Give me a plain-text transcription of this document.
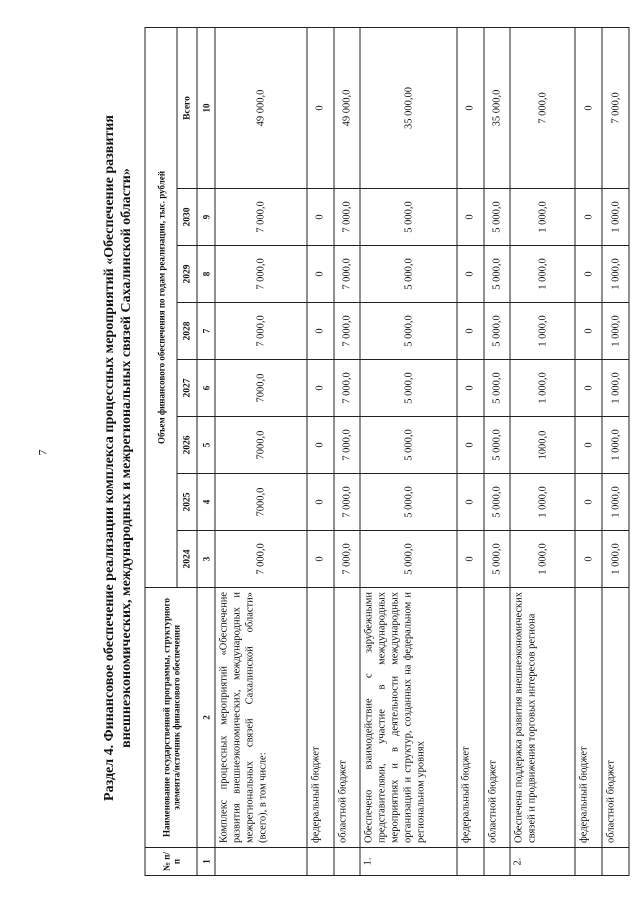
7	Раздел 4. Финансовое обеспечение реализации комплекса процессных мероприятий «Обеспечение развития внешнеэкономических, международных и межрегиональных связей Сахалинской области»
№ п/п	Наименование государственной программы, структурного элемента/источник финансового обеспечения	Объем финансового обеспечения по годам реализации, тыс. рублей							
		2024	2025	2026	2027	2028	2029	2030	Всего
1	2	3	4	5	6	7	8	9	10
	Комплекс процессных мероприятий «Обеспечение развития внешнеэкономических, международных и межрегиональных связей Сахалинской области» (всего), в том числе:	7 000,0	7000,0	7000,0	7000,0	7 000,0	7 000,0	7 000,0	49 000,0
	федеральный бюджет	0	0	0	0	0	0	0	0
	областной бюджет	7 000,0	7 000,0	7 000,0	7 000,0	7 000,0	7 000,0	7 000,0	49 000,0
1.	Обеспечено взаимодействие с зарубежными представителями, участие в международных мероприятиях и в деятельности международных организаций и структур, созданных на федеральном и региональном уровнях	5 000,0	5 000,0	5 000,0	5 000,0	5 000,0	5 000,0	5 000,0	35 000,00
	федеральный бюджет	0	0	0	0	0	0	0	0
	областной бюджет	5 000,0	5 000,0	5 000,0	5 000,0	5 000,0	5 000,0	5 000,0	35 000,0
2.	Обеспечена поддержка развития внешнеэкономических связей и продвижения торговых интересов региона	1 000,0	1 000,0	1000,0	1 000,0	1 000,0	1 000,0	1 000,0	7 000,0
	федеральный бюджет	0	0	0	0	0	0	0	0
	областной бюджет	1 000,0	1 000,0	1 000,0	1 000,0	1 000,0	1 000,0	1 000,0	7 000,0
